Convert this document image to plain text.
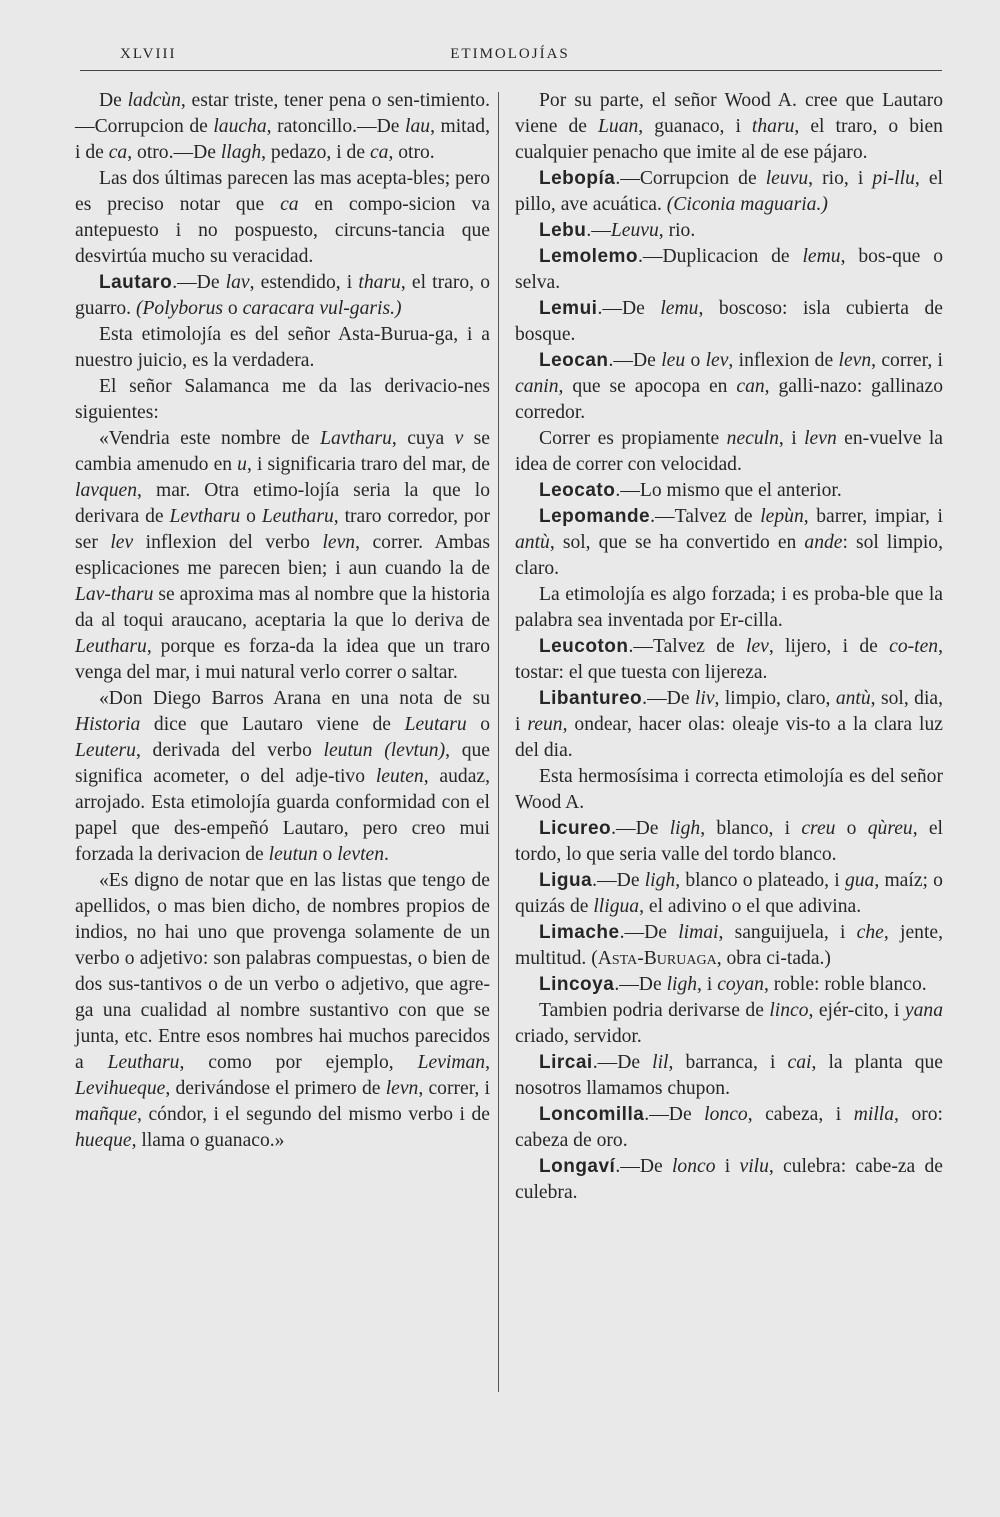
XLVIII	ETIMOLOJÍAS

De ladcùn, estar triste, tener pena o sen-timiento.—Corrupcion de laucha, ratoncillo.—De lau, mitad, i de ca, otro.—De llagh, pedazo, i de ca, otro.

Las dos últimas parecen las mas acepta-bles; pero es preciso notar que ca en compo-sicion va antepuesto i no pospuesto, circuns-tancia que desvirtúa mucho su veracidad.

Lautaro.—De lav, estendido, i tharu, el traro, o guarro. (Polyborus o caracara vul-garis.)

Esta etimolojía es del señor Asta-Burua-ga, i a nuestro juicio, es la verdadera.

El señor Salamanca me da las derivacio-nes siguientes:

«Vendria este nombre de Lavtharu, cuya v se cambia amenudo en u, i significaria traro del mar, de lavquen, mar. Otra etimo-lojía seria la que lo derivara de Levtharu o Leutharu, traro corredor, por ser lev inflexion del verbo levn, correr. Ambas esplicaciones me parecen bien; i aun cuando la de Lav-tharu se aproxima mas al nombre que la historia da al toqui araucano, aceptaria la que lo deriva de Leutharu, porque es forza-da la idea que un traro venga del mar, i mui natural verlo correr o saltar.

«Don Diego Barros Arana en una nota de su Historia dice que Lautaro viene de Leutaru o Leuteru, derivada del verbo leutun (levtun), que significa acometer, o del adje-tivo leuten, audaz, arrojado. Esta etimolojía guarda conformidad con el papel que des-empeñó Lautaro, pero creo mui forzada la derivacion de leutun o levten.

«Es digno de notar que en las listas que tengo de apellidos, o mas bien dicho, de nombres propios de indios, no hai uno que provenga solamente de un verbo o adjetivo: son palabras compuestas, o bien de dos sus-tantivos o de un verbo o adjetivo, que agre-ga una cualidad al nombre sustantivo con que se junta, etc. Entre esos nombres hai muchos parecidos a Leutharu, como por ejemplo, Leviman, Levihueque, derivándose el primero de levn, correr, i mañque, cóndor, i el segundo del mismo verbo i de hueque, llama o guanaco.»

Por su parte, el señor Wood A. cree que Lautaro viene de Luan, guanaco, i tharu, el traro, o bien cualquier penacho que imite al de ese pájaro.

Lebopía.—Corrupcion de leuvu, rio, i pi-llu, el pillo, ave acuática. (Ciconia maguaria.)

Lebu.—Leuvu, rio.

Lemolemo.—Duplicacion de lemu, bos-que o selva.

Lemui.—De lemu, boscoso: isla cubierta de bosque.

Leocan.—De leu o lev, inflexion de levn, correr, i canin, que se apocopa en can, galli-nazo: gallinazo corredor.

Correr es propiamente neculn, i levn en-vuelve la idea de correr con velocidad.

Leocato.—Lo mismo que el anterior.

Lepomande.—Talvez de lepùn, barrer, impiar, i antù, sol, que se ha convertido en ande: sol limpio, claro.

La etimolojía es algo forzada; i es proba-ble que la palabra sea inventada por Er-cilla.

Leucoton.—Talvez de lev, lijero, i de co-ten, tostar: el que tuesta con lijereza.

Libantureo.—De liv, limpio, claro, antù, sol, dia, i reun, ondear, hacer olas: oleaje vis-to a la clara luz del dia.

Esta hermosísima i correcta etimolojía es del señor Wood A.

Licureo.—De ligh, blanco, i creu o qùreu, el tordo, lo que seria valle del tordo blanco.

Ligua.—De ligh, blanco o plateado, i gua, maíz; o quizás de lligua, el adivino o el que adivina.

Limache.—De limai, sanguijuela, i che, jente, multitud. (Asta-Buruaga, obra ci-tada.)

Lincoya.—De ligh, i coyan, roble: roble blanco.

Tambien podria derivarse de linco, ejér-cito, i yana criado, servidor.

Lircai.—De lil, barranca, i cai, la planta que nosotros llamamos chupon.

Loncomilla.—De lonco, cabeza, i milla, oro: cabeza de oro.

Longaví.—De lonco i vilu, culebra: cabe-za de culebra.
